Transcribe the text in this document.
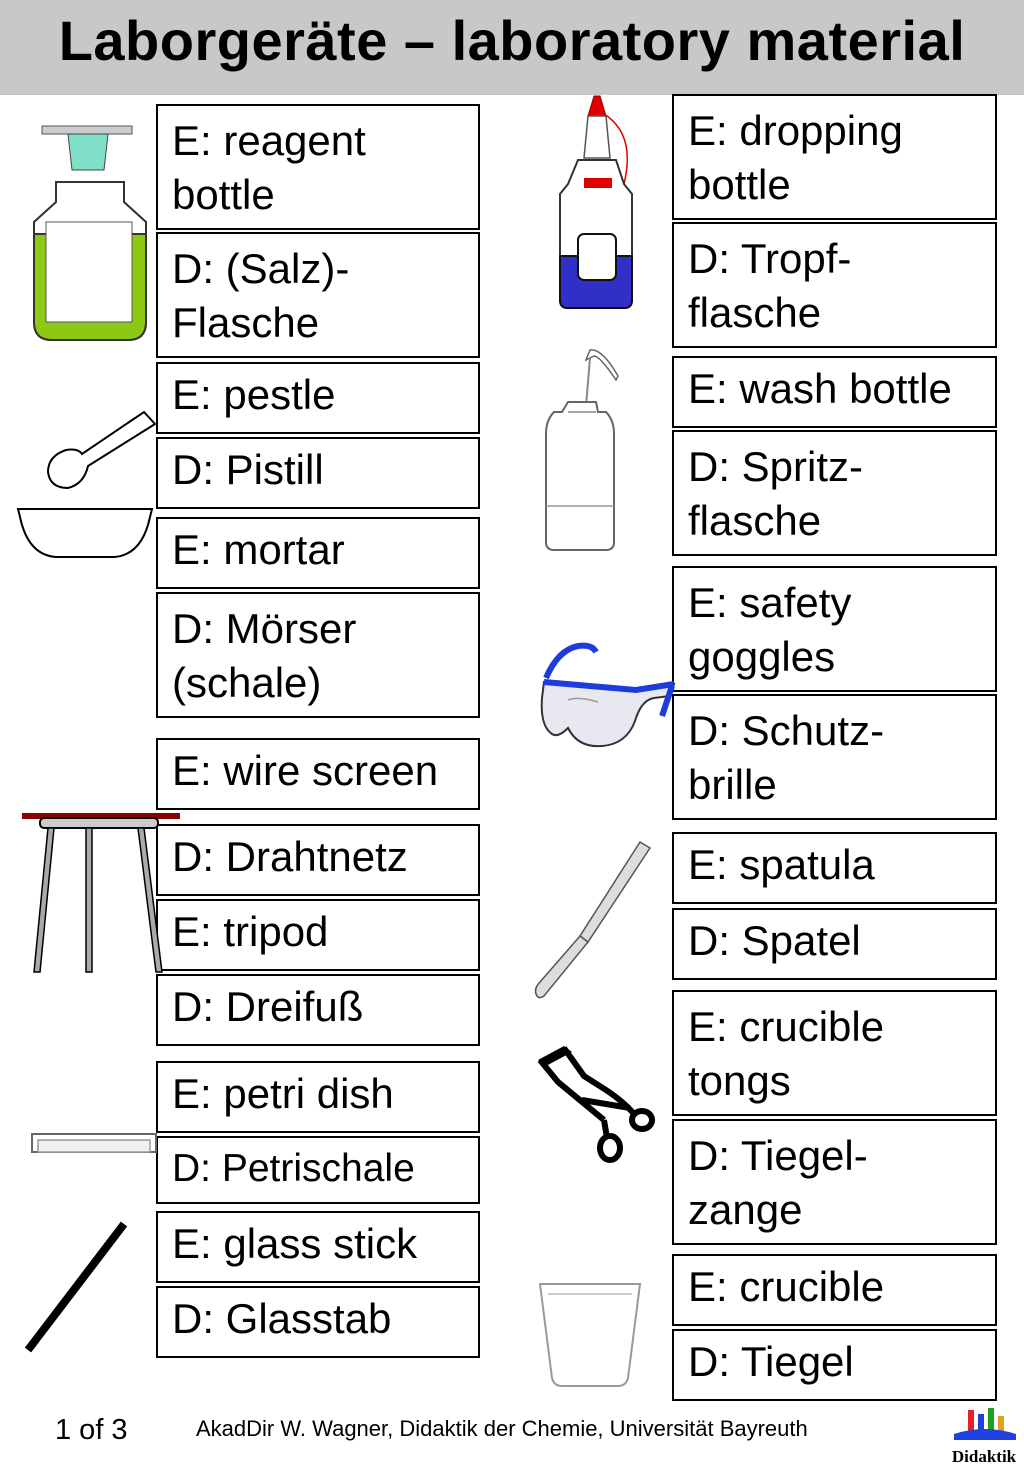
Laborgeräte – laboratory material
E: reagent
bottle
D: (Salz)-
Flasche
E: pestle
D: Pistill
E: mortar
D: Mörser
(schale)
E: wire screen
D: Drahtnetz
E: tripod
D: Dreifuß
E: petri dish
D: Petrischale
E: glass stick
D: Glasstab
E: dropping
bottle
D: Tropf-
flasche
E: wash bottle
D: Spritz-
flasche
E: safety
goggles
D: Schutz-
brille
E: spatula
D: Spatel
E: crucible
tongs
D: Tiegel-
zange
E: crucible
D: Tiegel
1 of 3	AkadDir W. Wagner, Didaktik der Chemie, Universität Bayreuth
Didaktik
